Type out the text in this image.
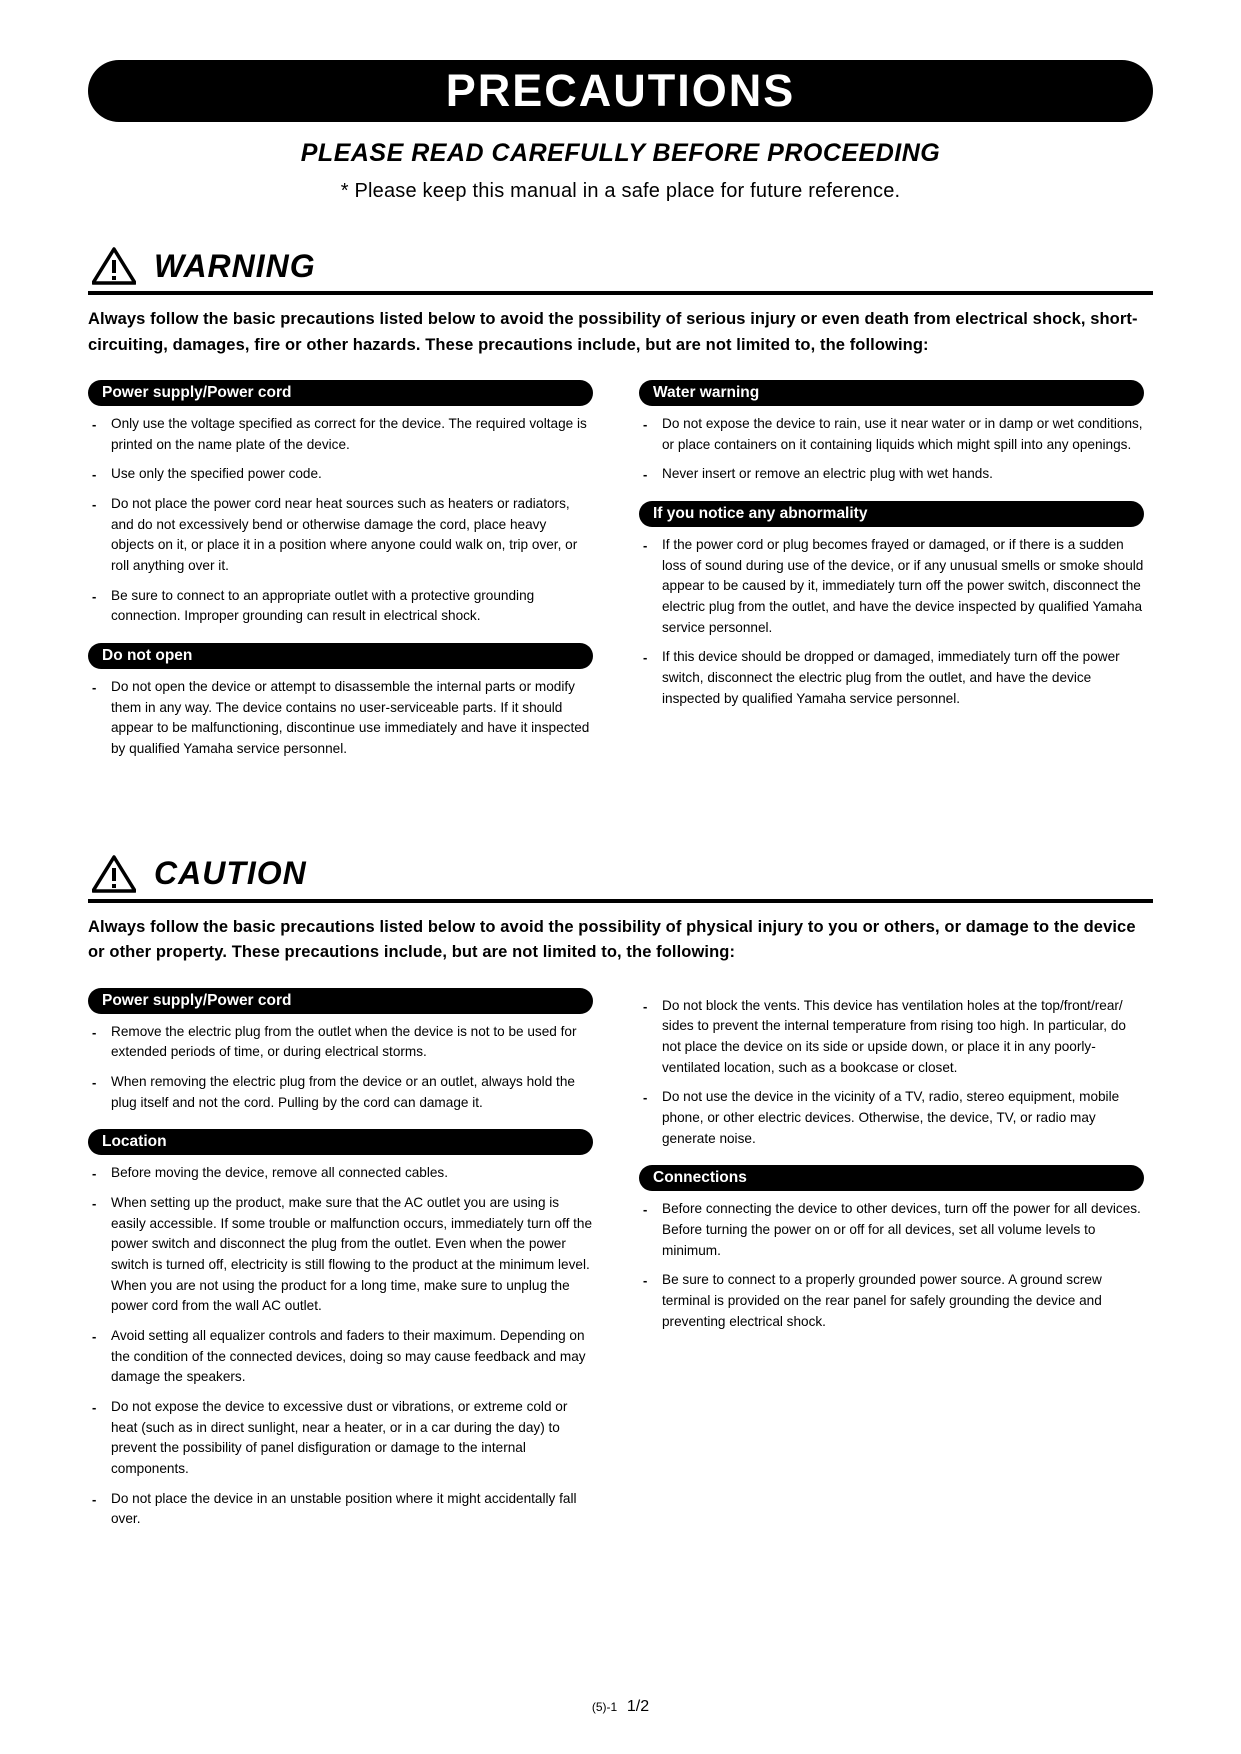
PRECAUTIONS
PLEASE READ CAREFULLY BEFORE PROCEEDING
* Please keep this manual in a safe place for future reference.
WARNING
Always follow the basic precautions listed below to avoid the possibility of serious injury or even death from electrical shock, short-circuiting, damages, fire or other hazards. These precautions include, but are not limited to, the following:
Power supply/Power cord
- Only use the voltage specified as correct for the device. The required voltage is printed on the name plate of the device.
- Use only the specified power code.
- Do not place the power cord near heat sources such as heaters or radiators, and do not excessively bend or otherwise damage the cord, place heavy objects on it, or place it in a position where anyone could walk on, trip over, or roll anything over it.
- Be sure to connect to an appropriate outlet with a protective grounding connection. Improper grounding can result in electrical shock.
Do not open
- Do not open the device or attempt to disassemble the internal parts or modify them in any way. The device contains no user-serviceable parts. If it should appear to be malfunctioning, discontinue use immediately and have it inspected by qualified Yamaha service personnel.
Water warning
- Do not expose the device to rain, use it near water or in damp or wet conditions, or place containers on it containing liquids which might spill into any openings.
- Never insert or remove an electric plug with wet hands.
If you notice any abnormality
- If the power cord or plug becomes frayed or damaged, or if there is a sudden loss of sound during use of the device, or if any unusual smells or smoke should appear to be caused by it, immediately turn off the power switch, disconnect the electric plug from the outlet, and have the device inspected by qualified Yamaha service personnel.
- If this device should be dropped or damaged, immediately turn off the power switch, disconnect the electric plug from the outlet, and have the device inspected by qualified Yamaha service personnel.
CAUTION
Always follow the basic precautions listed below to avoid the possibility of physical injury to you or others, or damage to the device or other property. These precautions include, but are not limited to, the following:
Power supply/Power cord
- Remove the electric plug from the outlet when the device is not to be used for extended periods of time, or during electrical storms.
- When removing the electric plug from the device or an outlet, always hold the plug itself and not the cord. Pulling by the cord can damage it.
Location
- Before moving the device, remove all connected cables.
- When setting up the product, make sure that the AC outlet you are using is easily accessible. If some trouble or malfunction occurs, immediately turn off the power switch and disconnect the plug from the outlet. Even when the power switch is turned off, electricity is still flowing to the product at the minimum level. When you are not using the product for a long time, make sure to unplug the power cord from the wall AC outlet.
- Avoid setting all equalizer controls and faders to their maximum. Depending on the condition of the connected devices, doing so may cause feedback and may damage the speakers.
- Do not expose the device to excessive dust or vibrations, or extreme cold or heat (such as in direct sunlight, near a heater, or in a car during the day) to prevent the possibility of panel disfiguration or damage to the internal components.
- Do not place the device in an unstable position where it might accidentally fall over.
- Do not block the vents. This device has ventilation holes at the top/front/rear/ sides to prevent the internal temperature from rising too high. In particular, do not place the device on its side or upside down, or place it in any poorly-ventilated location, such as a bookcase or closet.
- Do not use the device in the vicinity of a TV, radio, stereo equipment, mobile phone, or other electric devices. Otherwise, the device, TV, or radio may generate noise.
Connections
- Before connecting the device to other devices, turn off the power for all devices. Before turning the power on or off for all devices, set all volume levels to minimum.
- Be sure to connect to a properly grounded power source. A ground screw terminal is provided on the rear panel for safely grounding the device and preventing electrical shock.
(5)-1 1/2
